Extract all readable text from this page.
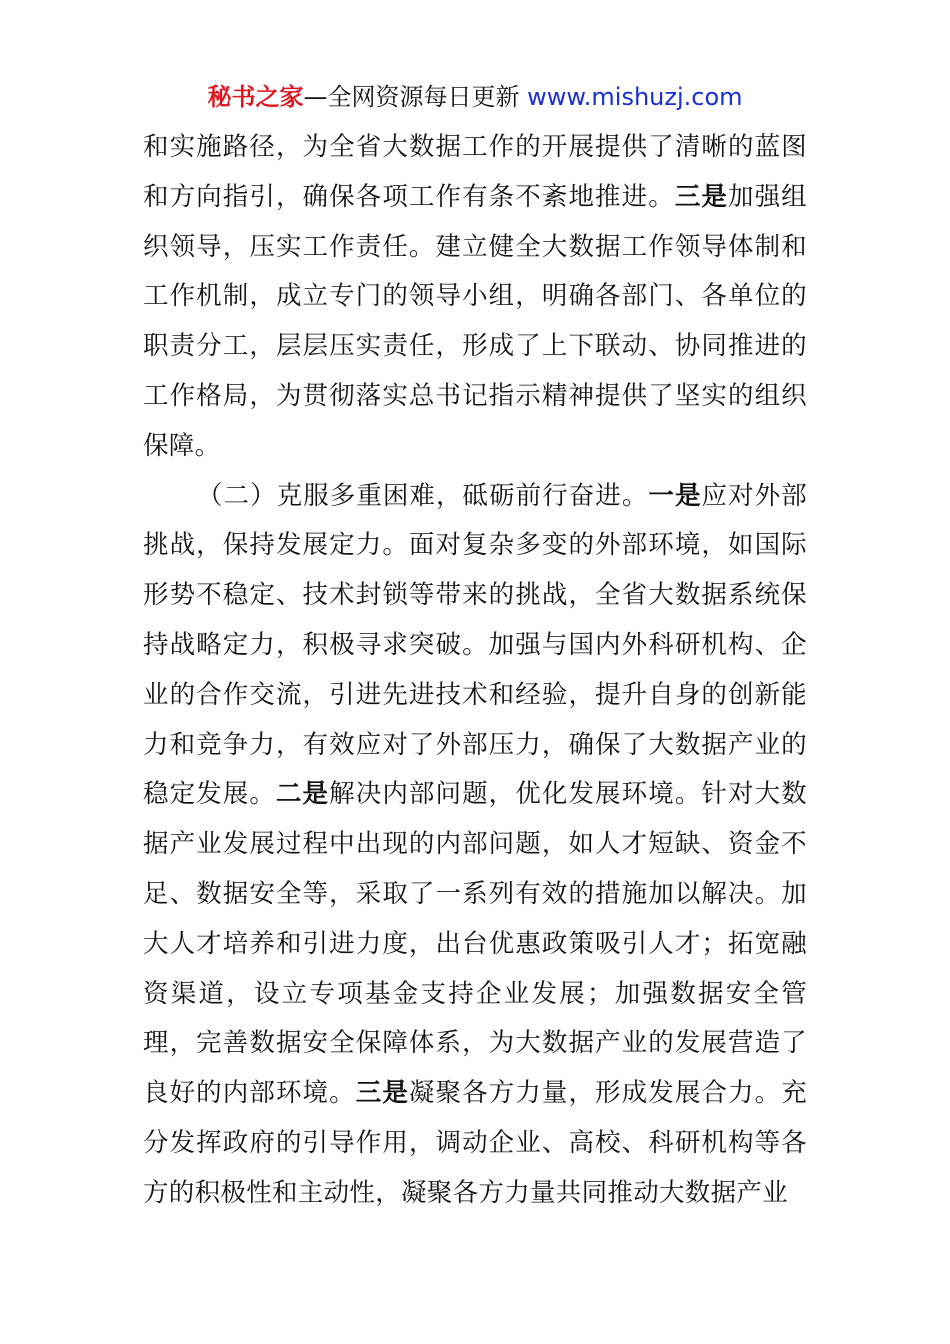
秘书之家—全网资源每日更新 www.mishuzj.com

和实施路径，为全省大数据工作的开展提供了清晰的蓝图和方向指引，确保各项工作有条不紊地推进。三是加强组织领导，压实工作责任。建立健全大数据工作领导体制和工作机制，成立专门的领导小组，明确各部门、各单位的职责分工，层层压实责任，形成了上下联动、协同推进的工作格局，为贯彻落实总书记指示精神提供了坚实的组织保障。

（二）克服多重困难，砥砺前行奋进。一是应对外部挑战，保持发展定力。面对复杂多变的外部环境，如国际形势不稳定、技术封锁等带来的挑战，全省大数据系统保持战略定力，积极寻求突破。加强与国内外科研机构、企业的合作交流，引进先进技术和经验，提升自身的创新能力和竞争力，有效应对了外部压力，确保了大数据产业的稳定发展。二是解决内部问题，优化发展环境。针对大数据产业发展过程中出现的内部问题，如人才短缺、资金不足、数据安全等，采取了一系列有效的措施加以解决。加大人才培养和引进力度，出台优惠政策吸引人才；拓宽融资渠道，设立专项基金支持企业发展；加强数据安全管理，完善数据安全保障体系，为大数据产业的发展营造了良好的内部环境。三是凝聚各方力量，形成发展合力。充分发挥政府的引导作用，调动企业、高校、科研机构等各方的积极性和主动性，凝聚各方力量共同推动大数据产业
